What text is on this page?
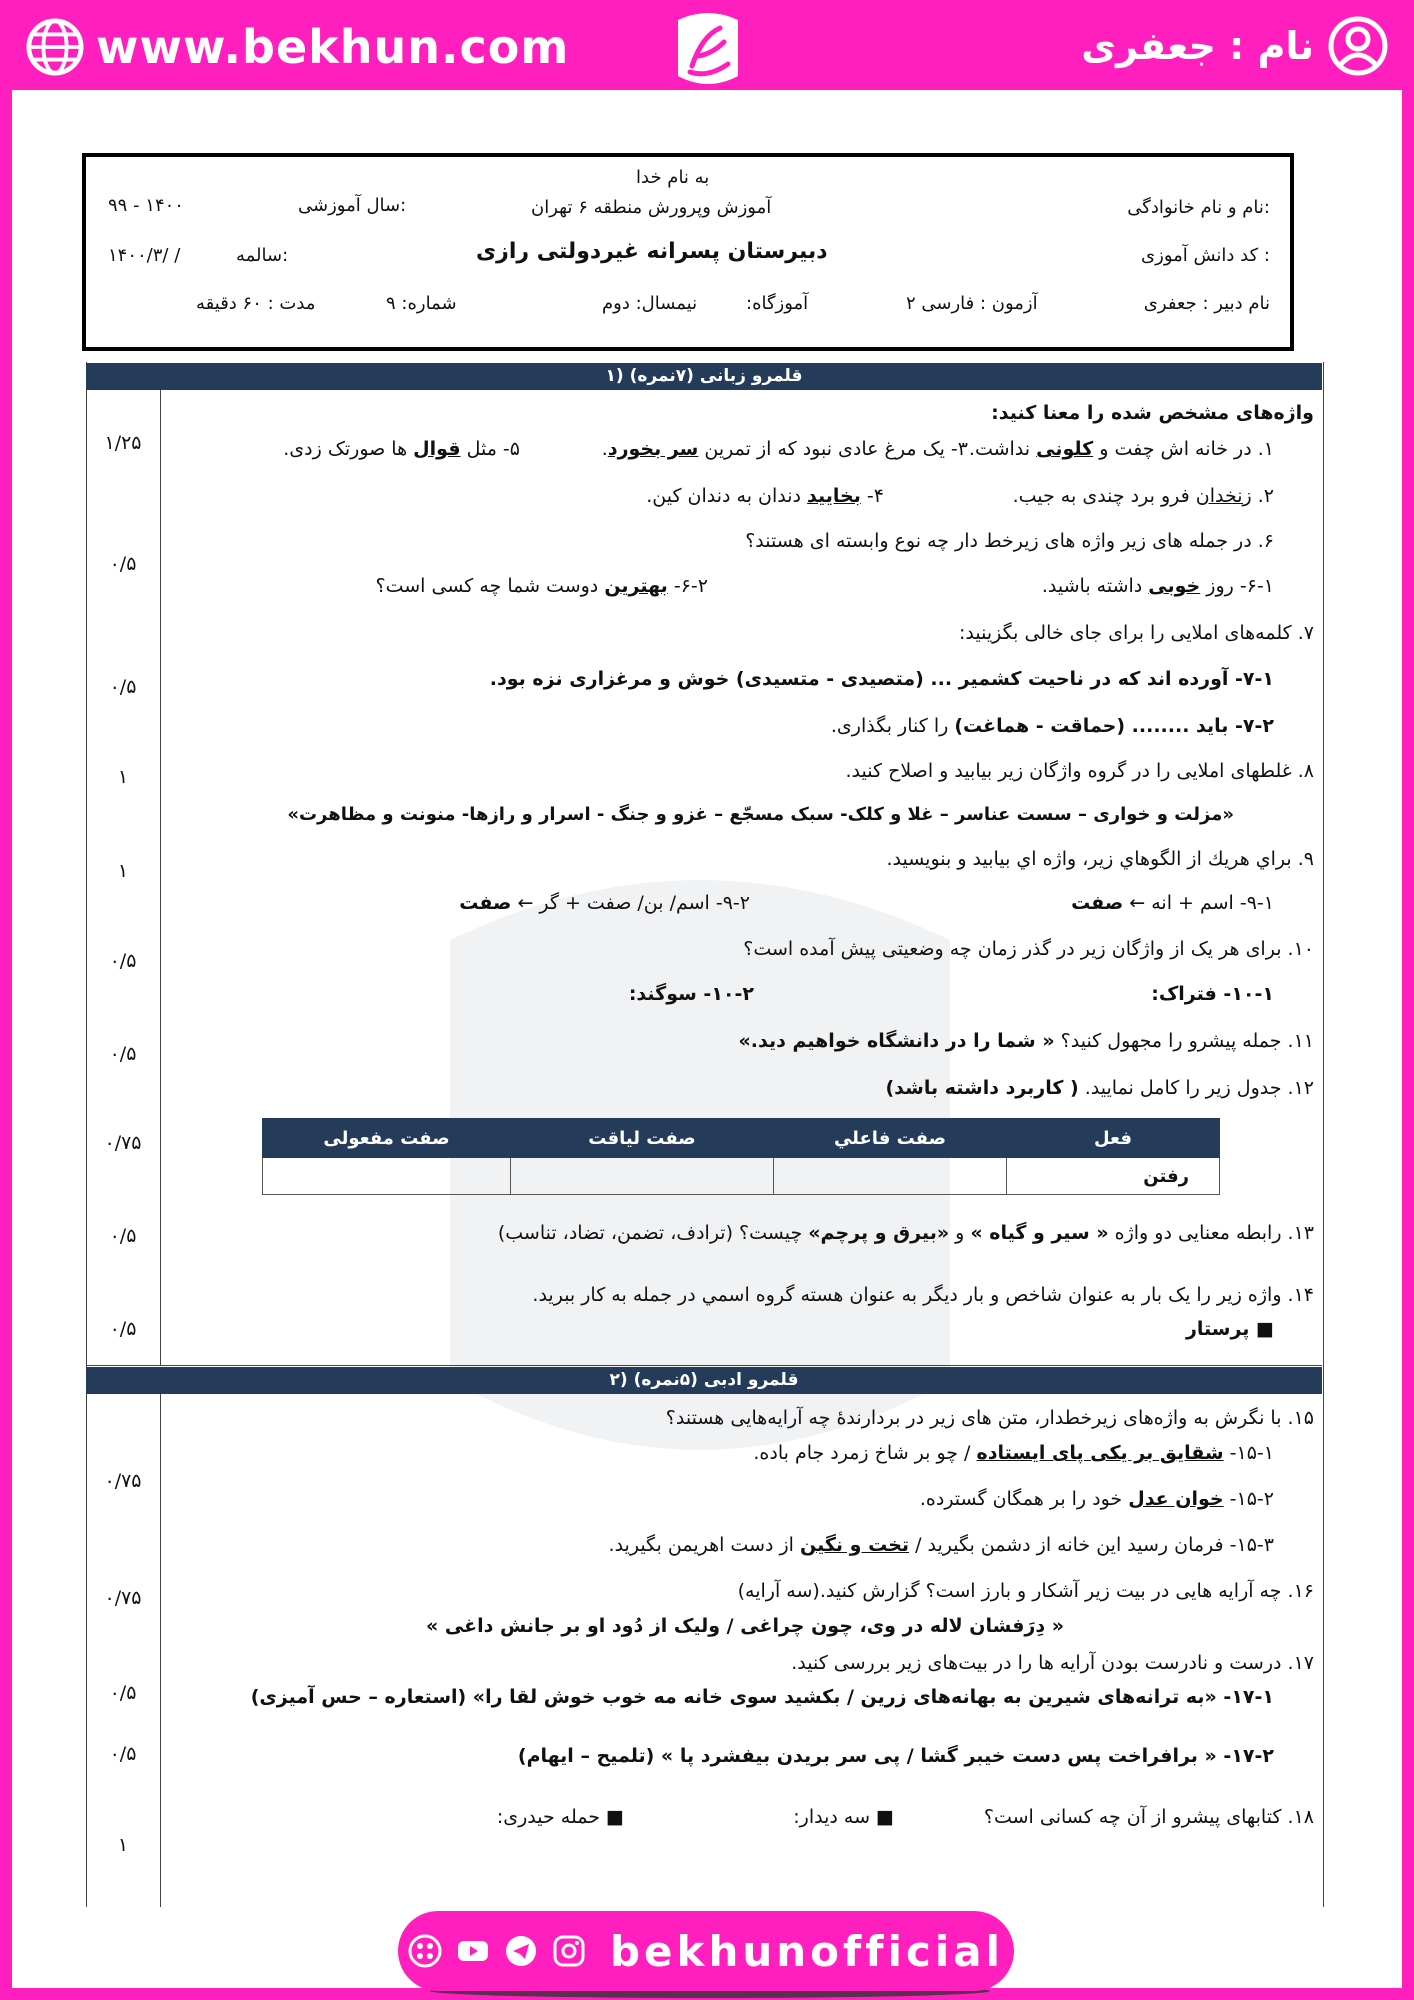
www.bekhun.com	نام : جعفری
به نام خدا
آموزش وپرورش منطقه ۶ تهران
دبیرستان پسرانه غیردولتی رازی
نام و نام خانوادگی:
کد دانش آموزی :
سال آموزشی:
۹۹ - ۱۴۰۰
سالمه:
۱۴۰۰/۳/ /
نام دبیر : جعفری
آزمون : فارسی ۲
آموزگاه:
نیمسال: دوم
شماره: ۹
مدت : ۶۰ دقیقه
۱) قلمرو زبانی (۷نمره)
۲) قلمرو ادبی (۵نمره)
۱/۲۵
۰/۵
۰/۵
۱
۱
۰/۵
۰/۵
۰/۷۵
۰/۵
۰/۵
۰/۷۵
۰/۷۵
۰/۵
۰/۵
۱
واژه‌های مشخص شده را معنا کنید:
۱. در خانه اش چفت و کلونی نداشت.
۳- یک مرغ عادی نبود که از تمرین سر بخورد.
۵- مثل قوال ها صورتک زدی.
۲. زنخدان فرو برد چندی به جیب.
۴- بخایید دندان به دندان کین.
۶. در جمله های زیر واژه های زیرخط دار چه نوع وابسته ای هستند؟
۶-۱- روز خوبی داشته باشید.
۶-۲- بهترین دوست شما چه کسی است؟
۷. کلمه‌های املایی را برای جای خالی بگزینید:
۷-۱- آورده اند که در ناحیت کشمیر ... (متصیدی - متسیدی) خوش و مرغزاری نزه بود.
۷-۲- باید ........ (حماقت - هماغت) را کنار بگذاری.
۸. غلطهای املایی را در گروه واژگان زیر بیابید و اصلاح کنید.
«مزلت و خواری – سست عناسر – غلا و کلک- سبک مسجّع – غزو و جنگ - اسرار و رازها- منونت و مظاهرت»
۹. براي هريك از الگوهاي زير، واژه اي بيابيد و بنويسيد.
۹-۱- اسم + انه ← صفت
۹-۲- اسم/ بن/ صفت + گر ← صفت
۱۰. برای هر یک از واژگان زیر در گذر زمان چه وضعیتی پیش آمده است؟
۱۰-۱- فتراک:
۱۰-۲- سوگند:
۱۱. جمله پیشرو را مجهول کنید؟ « شما را در دانشگاه خواهیم دید.»
۱۲. جدول زیر را کامل نمایید. ( کاربرد داشته باشد)
فعل	صفت فاعلي	صفت لیاقت	صفت مفعولی
رفتن			
۱۳. رابطه معنایی دو واژه « سیر و گیاه » و «بیرق و پرچم» چیست؟ (ترادف، تضمن، تضاد، تناسب)
۱۴. واژه زیر را یک بار به عنوان شاخص و بار دیگر به عنوان هسته گروه اسمي در جمله به کار ببريد.
■ پرستار
۱۵. با نگرش به واژه‌های زیرخطدار، متن های زیر در بردارندهٔ چه آرایه‌هایی هستند؟
۱۵-۱- شقایق بر یکی پای ایستاده / چو بر شاخ زمرد جام باده.
۱۵-۲- خوان عدل خود را بر همگان گسترده.
۱۵-۳- فرمان رسید این خانه از دشمن بگیرید / تخت و نگین از دست اهریمن بگیرید.
۱۶. چه آرایه هایی در بیت زیر آشکار و بارز است؟ گزارش کنید.(سه آرایه)
« دِرَفشان لاله در وی، چون چراغی / ولیک از دُود او بر جانش داغی »
۱۷. درست و نادرست بودن آرایه ها را در بیت‌های زیر بررسی کنید.
۱۷-۱- «به ترانه‌های شیرین به بهانه‌های زرین / بکشید سوی خانه مه خوب خوش لقا را» (استعاره – حس آمیزی)
۱۷-۲- « برافراخت پس دست خیبر گشا / پی سر بریدن بیفشرد پا » (تلمیح – ایهام)
۱۸. کتابهای پیشرو از آن چه کسانی است؟
■ سه دیدار:
■ حمله حیدری:
bekhunofficial
